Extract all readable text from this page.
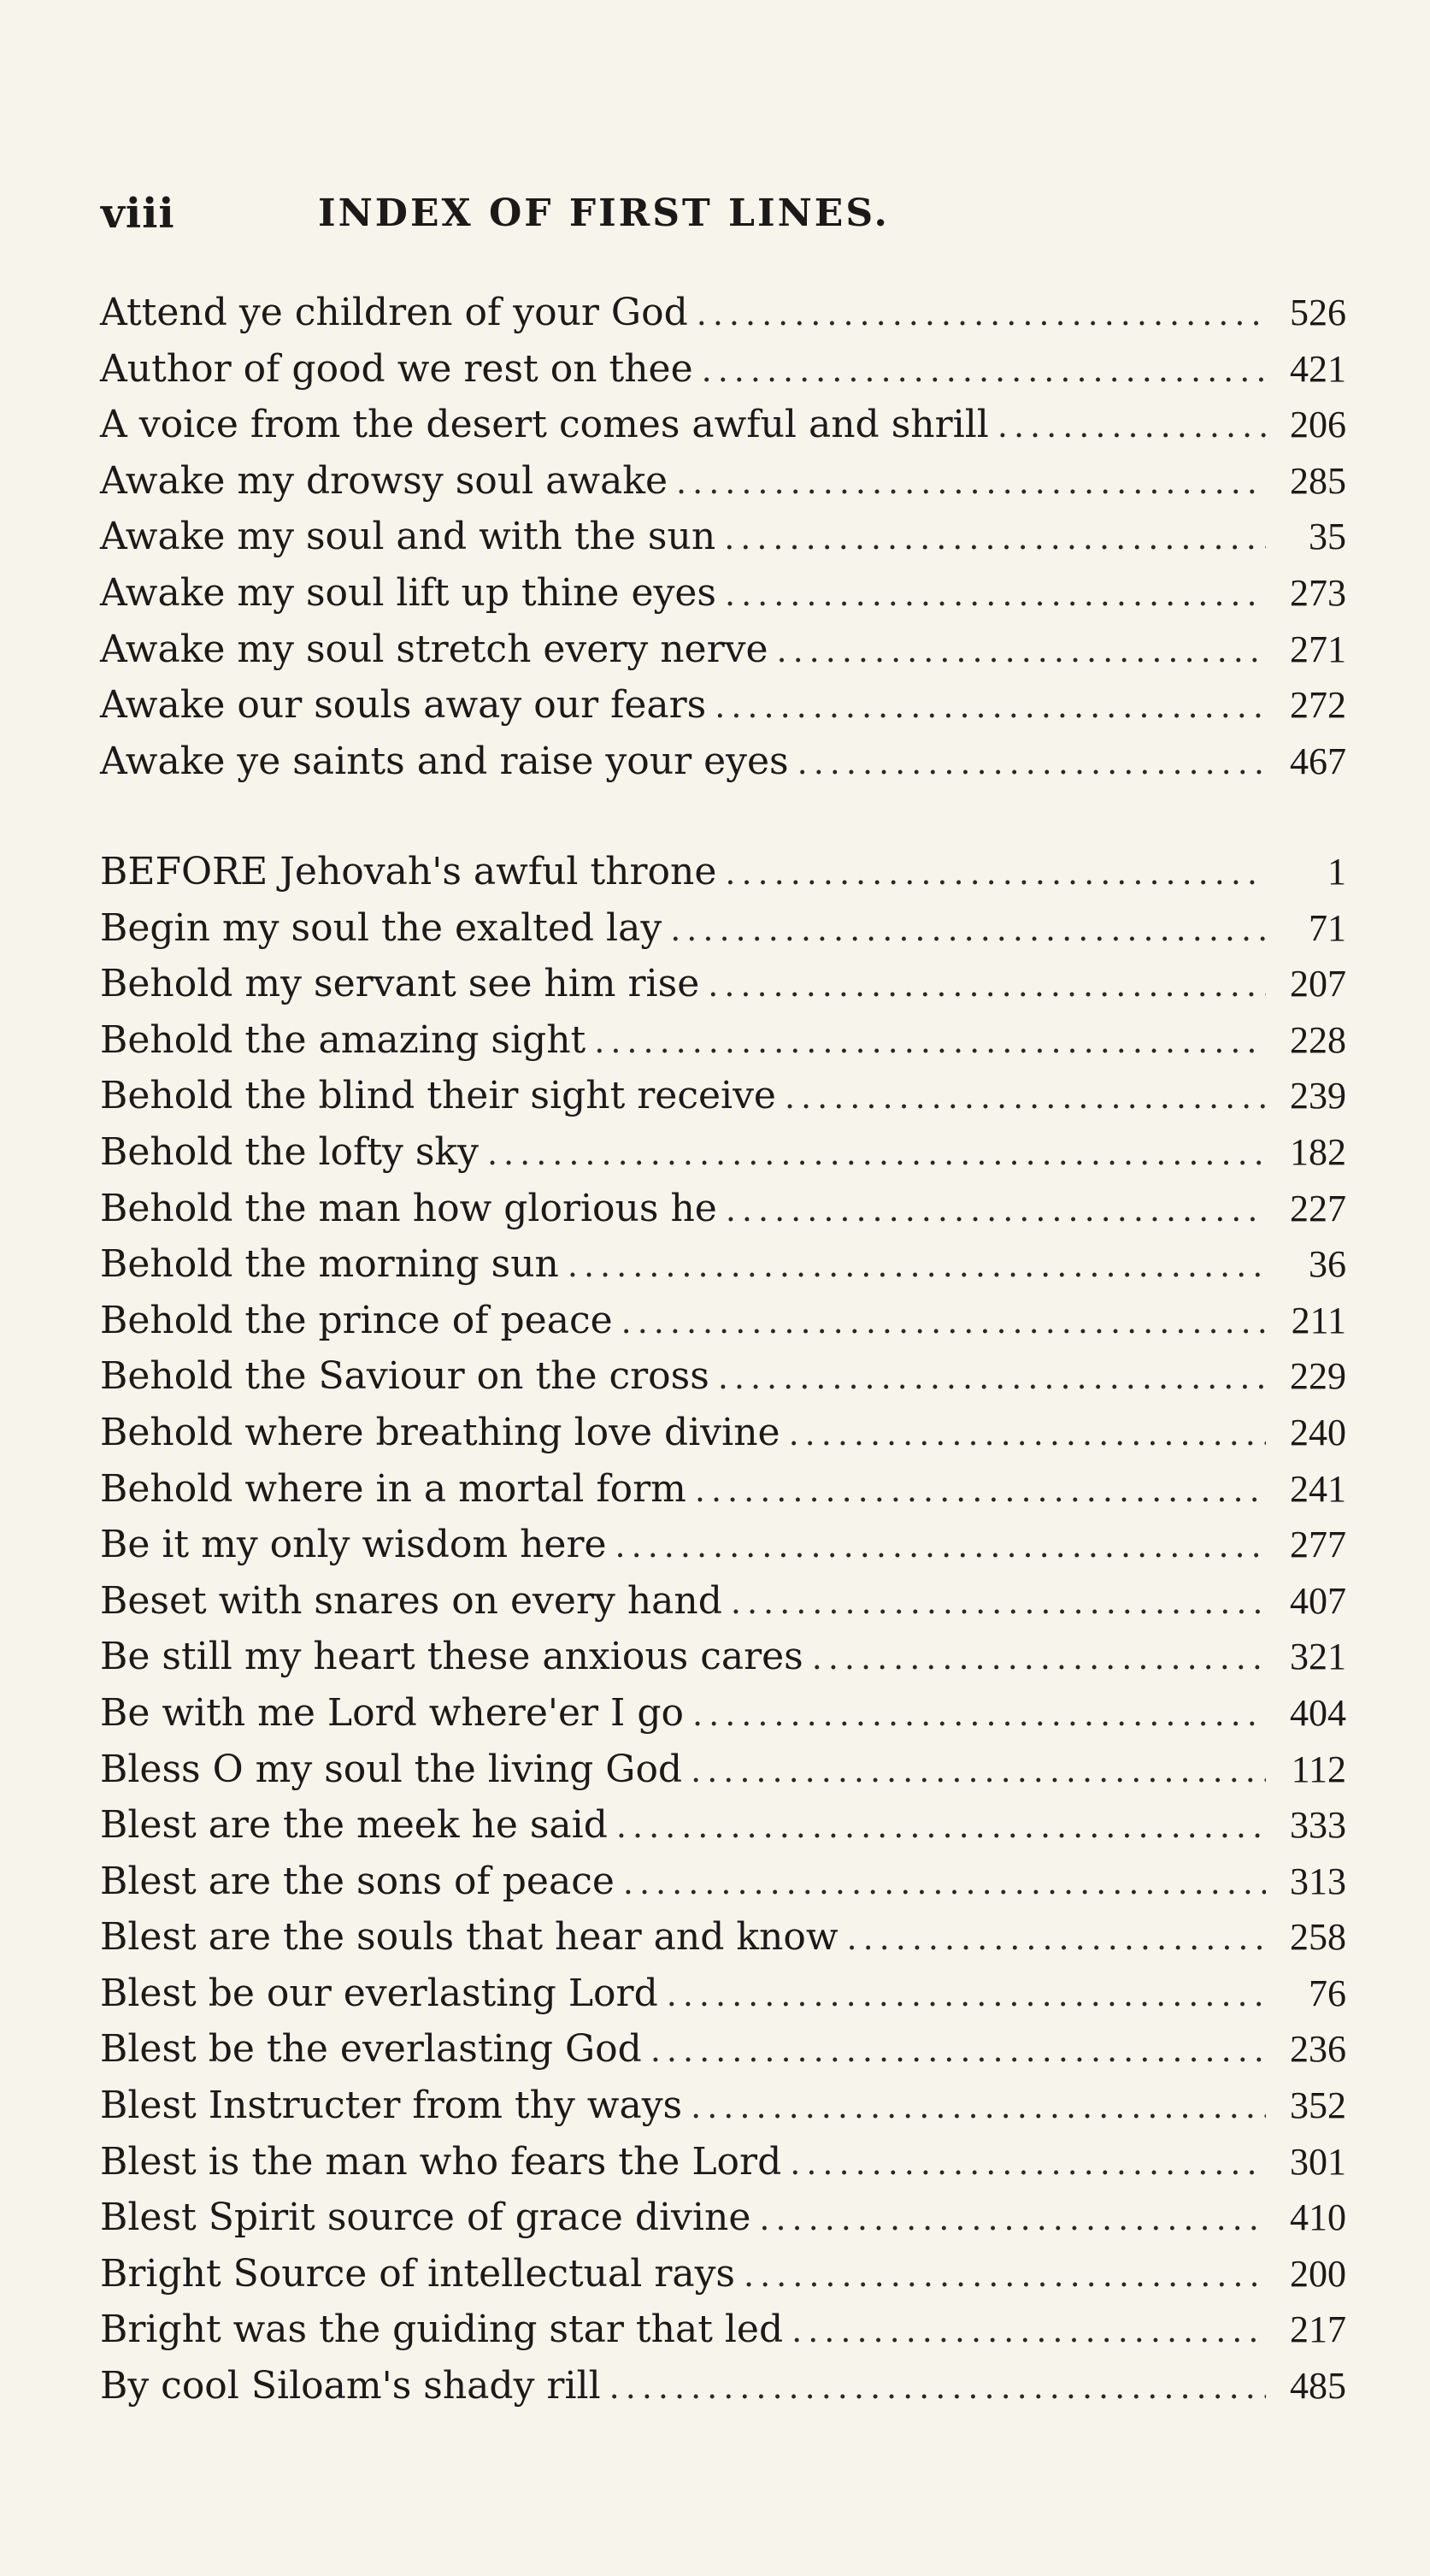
viii	INDEX OF FIRST LINES.
Attend ye children of your God .....	526
Author of good we rest on thee .....	421
A voice from the desert comes awful and shrill .....	206
Awake my drowsy soul awake .....	285
Awake my soul and with the sun .....	35
Awake my soul lift up thine eyes .....	273
Awake my soul stretch every nerve .....	271
Awake our souls away our fears .....	272
Awake ye saints and raise your eyes .....	467
BEFORE Jehovah's awful throne .....	1
Begin my soul the exalted lay .....	71
Behold my servant see him rise .....	207
Behold the amazing sight .....	228
Behold the blind their sight receive .....	239
Behold the lofty sky .....	182
Behold the man how glorious he .....	227
Behold the morning sun .....	36
Behold the prince of peace .....	211
Behold the Saviour on the cross .....	229
Behold where breathing love divine .....	240
Behold where in a mortal form .....	241
Be it my only wisdom here .....	277
Beset with snares on every hand .....	407
Be still my heart these anxious cares .....	321
Be with me Lord where'er I go .....	404
Bless O my soul the living God .....	112
Blest are the meek he said .....	333
Blest are the sons of peace .....	313
Blest are the souls that hear and know .....	258
Blest be our everlasting Lord .....	76
Blest be the everlasting God .....	236
Blest Instructer from thy ways .....	352
Blest is the man who fears the Lord .....	301
Blest Spirit source of grace divine .....	410
Bright Source of intellectual rays .....	200
Bright was the guiding star that led .....	217
By cool Siloam's shady rill .....	485
